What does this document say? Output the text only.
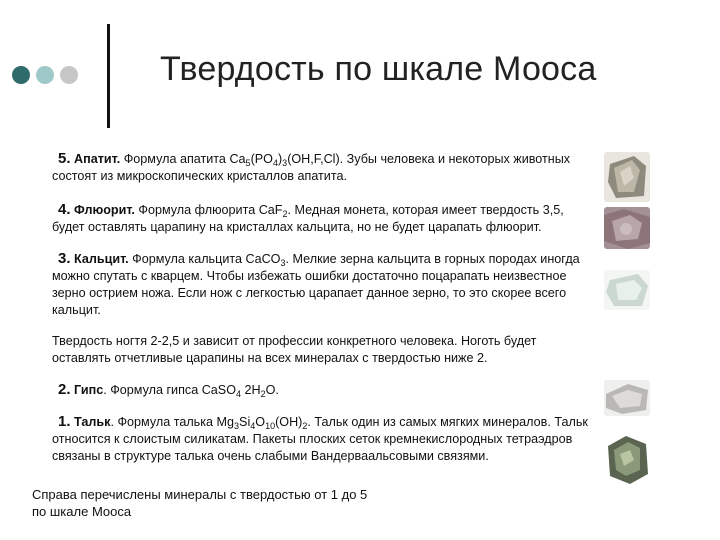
Твердость по шкале Мооса

5. Апатит. Формула апатита $Ca_5(PO_4)_3(OH,F,Cl)$. Зубы человека и некоторых животных состоят из микроскопических кристаллов апатита.

4. Флюорит. Формула флюорита CaF$_2$. Медная монета, которая имеет твердость 3,5, будет оставлять царапину на кристаллах кальцита, но не будет царапать флюорит.

3. Кальцит. Формула кальцита CaCO$_3$. Мелкие зерна кальцита в горных породах иногда можно спутать с кварцем. Чтобы избежать ошибки достаточно поцарапать неизвестное зерно острием ножа. Если нож с легкостью царапает данное зерно, то это скорее всего кальцит.

Твердость ногтя 2-2,5 и зависит от профессии конкретного человека. Ноготь будет оставлять отчетливые царапины на всех минералах с твердостью ниже 2.

2. Гипс. Формула гипса CaSO$_4$ $2H_2O$.

1. Тальк. Формула талька $Mg_3Si_4O_{10}(OH)_2$. Тальк один из самых мягких минералов. Тальк относится к слоистым силикатам. Пакеты плоских сеток кремнекислородных тетраэдров связаны в структуре талька очень слабыми Вандерваальсовыми связями.

Справа перечислены минералы с твердостью от 1 до 5 по шкале Мооса
